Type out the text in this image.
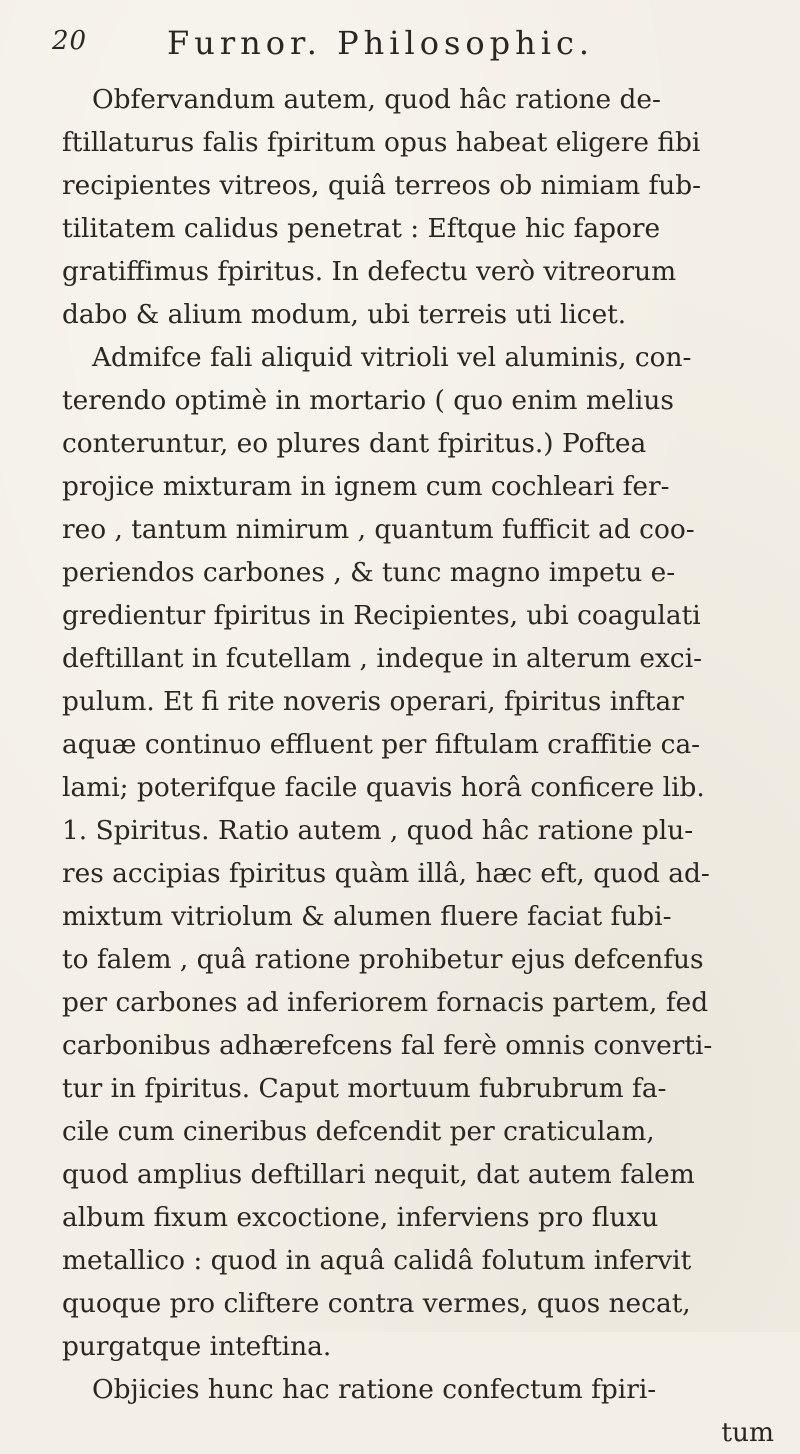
20 Furnor. Philosophic.
Obfervandum autem, quod hâc ratione de-
ftillaturus falis fpiritum opus habeat eligere fibi
recipientes vitreos, quiâ terreos ob nimiam fub-
tilitatem calidus penetrat : Eftque hic fapore
gratiffimus fpiritus. In defectu verò vitreorum
dabo & alium modum, ubi terreis uti licet.
Admifce fali aliquid vitrioli vel aluminis, con-
terendo optimè in mortario ( quo enim melius
conteruntur, eo plures dant fpiritus.) Poftea
projice mixturam in ignem cum cochleari fer-
reo , tantum nimirum , quantum fufficit ad coo-
periendos carbones , & tunc magno impetu e-
gredientur fpiritus in Recipientes, ubi coagulati
deftillant in fcutellam , indeque in alterum exci-
pulum. Et fi rite noveris operari, fpiritus inftar
aquæ continuo effluent per fiftulam craffitie ca-
lami; poterifque facile quavis horâ conficere lib.
1. Spiritus. Ratio autem , quod hâc ratione plu-
res accipias fpiritus quàm illâ, hæc eft, quod ad-
mixtum vitriolum & alumen fluere faciat fubi-
to falem , quâ ratione prohibetur ejus defcenfus
per carbones ad inferiorem fornacis partem, fed
carbonibus adhærefcens fal ferè omnis converti-
tur in fpiritus. Caput mortuum fubrubrum fa-
cile cum cineribus defcendit per craticulam,
quod amplius deftillari nequit, dat autem falem
album fixum excoctione, inferviens pro fluxu
metallico : quod in aquâ calidâ folutum infervit
quoque pro cliftere contra vermes, quos necat,
purgatque inteftina.
Objicies hunc hac ratione confectum fpiri-
tum
